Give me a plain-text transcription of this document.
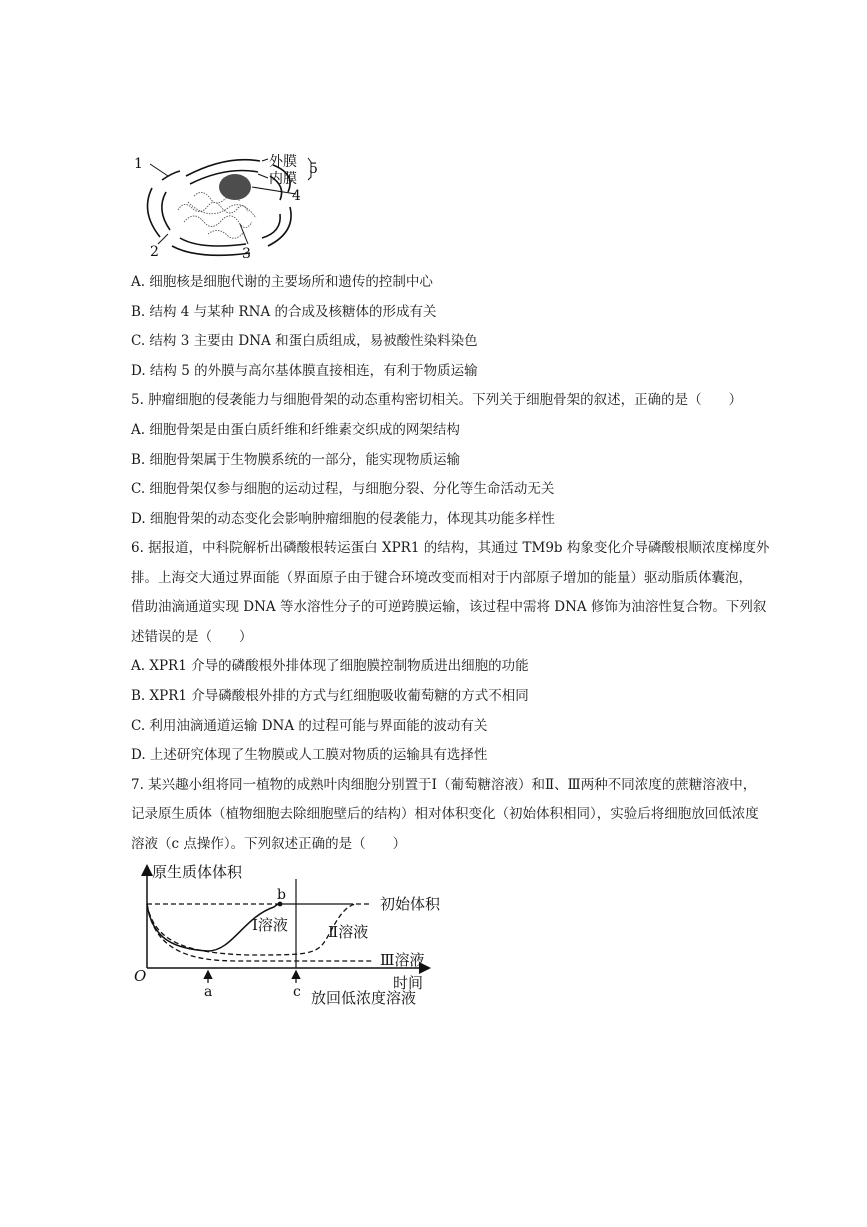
1
2	3
4
5
外膜
内膜
A. 细胞核是细胞代谢的主要场所和遗传的控制中心
B. 结构 4 与某种 RNA 的合成及核糖体的形成有关
C. 结构 3 主要由 DNA 和蛋白质组成，易被酸性染料染色
D. 结构 5 的外膜与高尔基体膜直接相连，有利于物质运输
5. 肿瘤细胞的侵袭能力与细胞骨架的动态重构密切相关。下列关于细胞骨架的叙述，正确的是（　　）
A. 细胞骨架是由蛋白质纤维和纤维素交织成的网架结构
B. 细胞骨架属于生物膜系统的一部分，能实现物质运输
C. 细胞骨架仅参与细胞的运动过程，与细胞分裂、分化等生命活动无关
D. 细胞骨架的动态变化会影响肿瘤细胞的侵袭能力，体现其功能多样性
6. 据报道，中科院解析出磷酸根转运蛋白 XPR1 的结构，其通过 TM9b 构象变化介导磷酸根顺浓度梯度外
排。上海交大通过界面能（界面原子由于键合环境改变而相对于内部原子增加的能量）驱动脂质体囊泡，
借助油滴通道实现 DNA 等水溶性分子的可逆跨膜运输，该过程中需将 DNA 修饰为油溶性复合物。下列叙
述错误的是（　　）
A. XPR1 介导的磷酸根外排体现了细胞膜控制物质进出细胞的功能
B. XPR1 介导磷酸根外排的方式与红细胞吸收葡萄糖的方式不相同
C. 利用油滴通道运输 DNA 的过程可能与界面能的波动有关
D. 上述研究体现了生物膜或人工膜对物质的运输具有选择性
7. 某兴趣小组将同一植物的成熟叶肉细胞分别置于Ⅰ（葡萄糖溶液）和Ⅱ、Ⅲ两种不同浓度的蔗糖溶液中，
记录原生质体（植物细胞去除细胞壁后的结构）相对体积变化（初始体积相同），实验后将细胞放回低浓度
溶液（c 点操作）。下列叙述正确的是（　　）
原生质体体积
O	时间
初始体积
b
Ⅰ溶液	Ⅱ溶液
Ⅲ溶液
a	c 放回低浓度溶液
